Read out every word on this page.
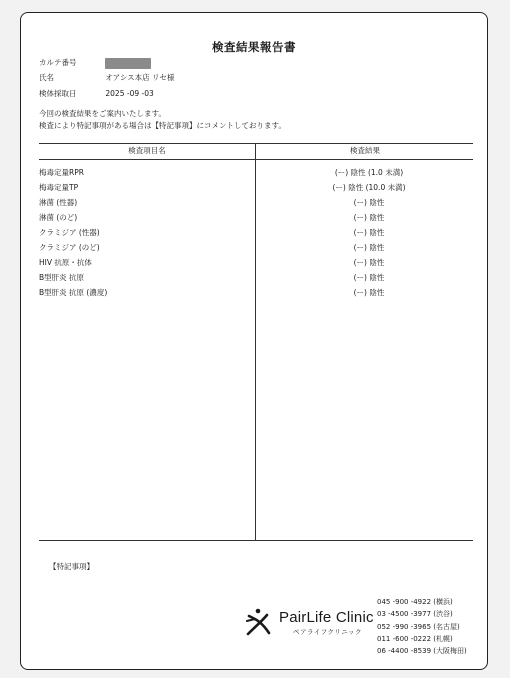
検査結果報告書
カルテ番号
氏名	オアシス本店 リセ様
検体採取日	2025 -09 -03
今回の検査結果をご案内いたします。
検査により特記事項がある場合は【特記事項】にコメントしております。
検査項目名	検査結果
梅毒定量RPR	(ー) 陰性 (1.0 未満)
梅毒定量TP	(ー) 陰性 (10.0 未満)
淋菌 (性器)	(ー) 陰性
淋菌 (のど)	(ー) 陰性
クラミジア (性器)	(ー) 陰性
クラミジア (のど)	(ー) 陰性
HIV 抗原・抗体	(ー) 陰性
B型肝炎 抗原	(ー) 陰性
B型肝炎 抗原 (濃度)	(ー) 陰性
【特記事項】
PairLife Clinic
ペアライフクリニック
045 -900 -4922 (横浜)
03 -4500 -3977 (渋谷)
052 -990 -3965 (名古屋)
011 -600 -0222 (札幌)
06 -4400 -8539 (大阪梅田)
